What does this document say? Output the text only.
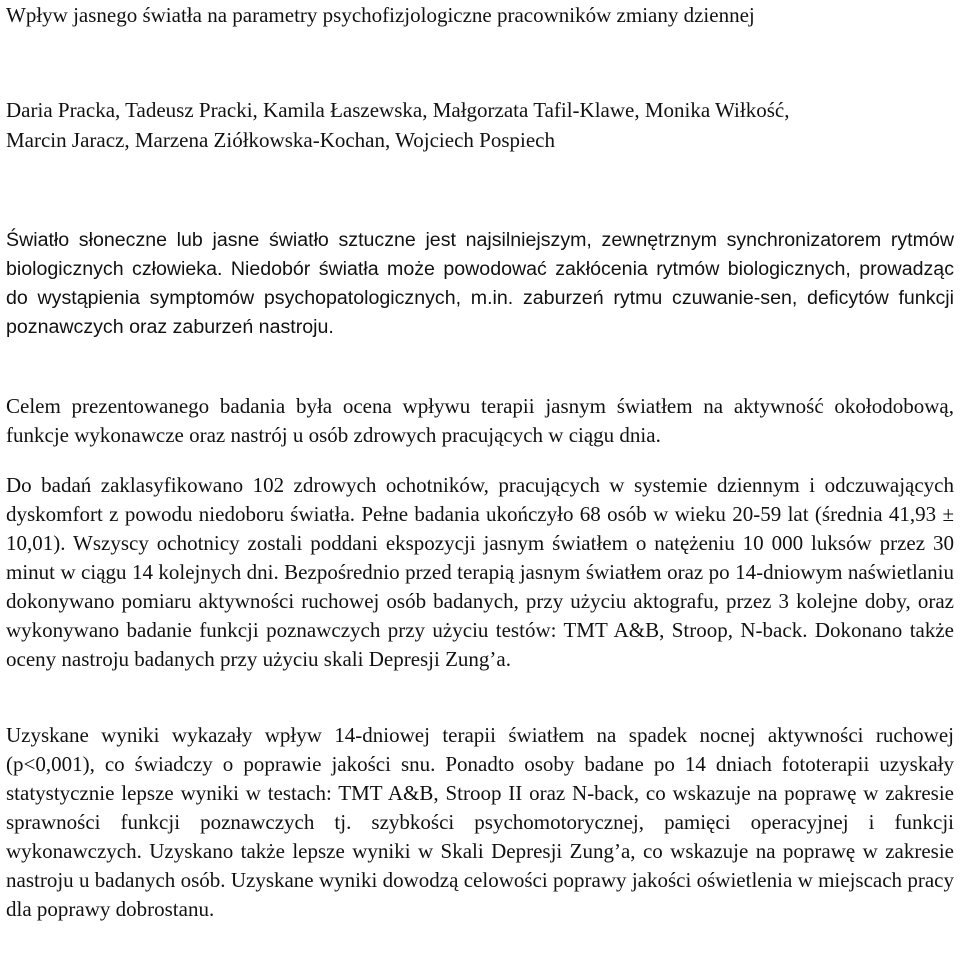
Wpływ jasnego światła na parametry psychofizjologiczne pracowników zmiany dziennej
Daria Pracka, Tadeusz Pracki, Kamila Łaszewska, Małgorzata Tafil-Klawe, Monika Wiłkość,
Marcin Jaracz, Marzena Ziółkowska-Kochan, Wojciech Pospiech

Światło słoneczne lub jasne światło sztuczne jest najsilniejszym, zewnętrznym synchronizatorem rytmów biologicznych człowieka. Niedobór światła może powodować zakłócenia rytmów biologicznych, prowadząc do wystąpienia symptomów psychopatologicznych, m.in. zaburzeń rytmu czuwanie-sen, deficytów funkcji poznawczych oraz zaburzeń nastroju.

Celem prezentowanego badania była ocena wpływu terapii jasnym światłem na aktywność okołodobową, funkcje wykonawcze oraz nastrój u osób zdrowych pracujących w ciągu dnia.

Do badań zaklasyfikowano 102 zdrowych ochotników, pracujących w systemie dziennym i odczuwających dyskomfort z powodu niedoboru światła. Pełne badania ukończyło 68 osób w wieku 20-59 lat (średnia 41,93 ± 10,01). Wszyscy ochotnicy zostali poddani ekspozycji jasnym światłem o natężeniu 10 000 luksów przez 30 minut w ciągu 14 kolejnych dni. Bezpośrednio przed terapią jasnym światłem oraz po 14-dniowym naświetlaniu dokonywano pomiaru aktywności ruchowej osób badanych, przy użyciu aktografu, przez 3 kolejne doby, oraz wykonywano badanie funkcji poznawczych przy użyciu testów: TMT A&B, Stroop, N-back. Dokonano także oceny nastroju badanych przy użyciu skali Depresji Zung’a.

Uzyskane wyniki wykazały wpływ 14-dniowej terapii światłem na spadek nocnej aktywności ruchowej (p<0,001), co świadczy o poprawie jakości snu. Ponadto osoby badane po 14 dniach fototerapii uzyskały statystycznie lepsze wyniki w testach: TMT A&B, Stroop II oraz N-back, co wskazuje na poprawę w zakresie sprawności funkcji poznawczych tj. szybkości psychomotorycznej, pamięci operacyjnej i funkcji wykonawczych. Uzyskano także lepsze wyniki w Skali Depresji Zung’a, co wskazuje na poprawę w zakresie nastroju u badanych osób. Uzyskane wyniki dowodzą celowości poprawy jakości oświetlenia w miejscach pracy dla poprawy dobrostanu.
